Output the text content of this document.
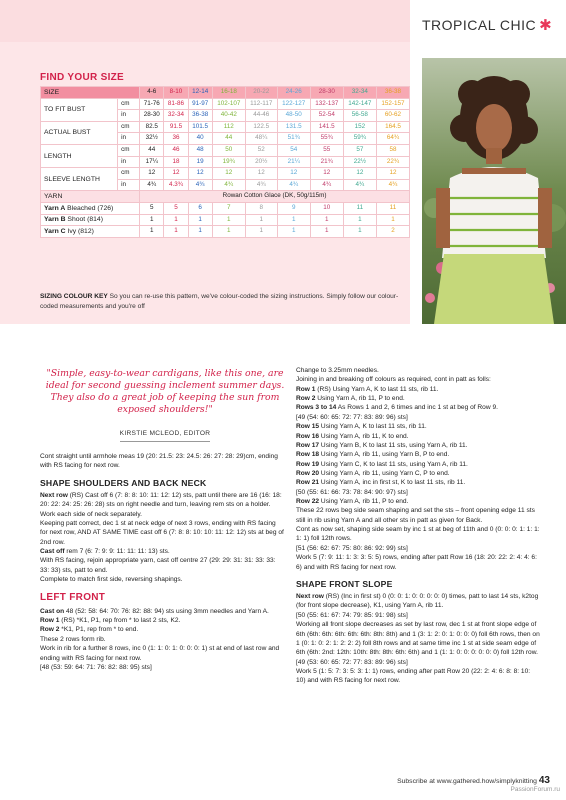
TROPICAL CHIC ✱
FIND YOUR SIZE
SIZE		4-6	8-10	12-14	16-18	20-22	24-26	28-30	32-34	36-38
TO FIT BUST	cm	71-76	81-86	91-97	102-107	112-117	122-127	132-137	142-147	152-157
	in	28-30	32-34	36-38	40-42	44-46	48-50	52-54	56-58	60-62
ACTUAL BUST	cm	82.5	91.5	101.5	112	122.5	131.5	141.5	152	164.5
	in	32½	36	40	44	48¼	51¾	55¾	59¾	64¾
LENGTH	cm	44	46	48	50	52	54	55	57	58
	in	17¼	18	19	19¾	20½	21¼	21¾	22½	22¾
SLEEVE LENGTH	cm	12	12	12	12	12	12	12	12	12
	in	4¾	4.3¾	4¾	4¾	4¾	4¾	4¾	4¾	4¾
YARN		Rowan Cotton Glace (DK, 50g/115m)								
Yarn A Bleached (726)		5	5	6	7	8	9	10	11	11
Yarn B Shoot (814)		1	1	1	1	1	1	1	1	1
Yarn C Ivy (812)		1	1	1	1	1	1	1	1	2
SIZING COLOUR KEY So you can re-use this pattern, we've colour-coded the sizing instructions. Simply follow our colour-coded measurements and you're off
"Simple, easy-to-wear cardigans, like this one, are ideal for second guessing inclement summer days. They also do a great job of keeping the sun from exposed shoulders!"
KIRSTIE MCLEOD, EDITOR

Cont straight until armhole meas 19 (20: 21.5: 23: 24.5: 26: 27: 28: 29)cm, ending with RS facing for next row.

SHAPE SHOULDERS AND BACK NECK

Next row (RS) Cast off 6 (7: 8: 8: 10: 11: 12: 12) sts, patt until there are 16 (16: 18: 20: 22: 24: 25: 26: 28) sts on right needle and turn, leaving rem sts on a holder.

Work each side of neck separately.

Keeping patt correct, dec 1 st at neck edge of next 3 rows, ending with RS facing for next row, AND AT SAME TIME cast off 6 (7: 8: 8: 10: 10: 11: 12: 12) sts at beg of 2nd row.

Cast off rem 7 (6: 7: 9: 9: 11: 11: 11: 13) sts.

With RS facing, rejoin appropriate yarn, cast off centre 27 (29: 29: 31: 31: 33: 33: 33: 33) sts, patt to end.

Complete to match first side, reversing shapings.

LEFT FRONT

Cast on 48 (52: 58: 64: 70: 76: 82: 88: 94) sts using 3mm needles and Yarn A.

Row 1 (RS) *K1, P1, rep from * to last 2 sts, K2.

Row 2 *K1, P1, rep from * to end.

These 2 rows form rib.

Work in rib for a further 8 rows, inc 0 (1: 1: 0: 1: 0: 0: 0: 1) st at end of last row and ending with RS facing for next row.

[48 (53: 59: 64: 71: 76: 82: 88: 95) sts]

Change to 3.25mm needles.

Joining in and breaking off colours as required, cont in patt as folls:

Row 1 (RS) Using Yarn A, K to last 11 sts, rib 11.

Row 2 Using Yarn A, rib 11, P to end.

Rows 3 to 14 As Rows 1 and 2, 6 times and inc 1 st at beg of Row 9.

[49 (54: 60: 65: 72: 77: 83: 89: 96) sts]

Row 15 Using Yarn A, K to last 11 sts, rib 11.

Row 16 Using Yarn A, rib 11, K to end.

Row 17 Using Yarn B, K to last 11 sts, using Yarn A, rib 11.

Row 18 Using Yarn A, rib 11, using Yarn B, P to end.

Row 19 Using Yarn C, K to last 11 sts, using Yarn A, rib 11.

Row 20 Using Yarn A, rib 11, using Yarn C, P to end.

Row 21 Using Yarn A, inc in first st, K to last 11 sts, rib 11.

[50 (55: 61: 66: 73: 78: 84: 90: 97) sts]

Row 22 Using Yarn A, rib 11, P to end.

These 22 rows beg side seam shaping and set the sts – front opening edge 11 sts still in rib using Yarn A and all other sts in patt as given for Back.

Cont as now set, shaping side seam by inc 1 st at beg of 11th and 0 (0: 0: 0: 1: 1: 1: 1: 1) foll 12th rows.

[51 (56: 62: 67: 75: 80: 86: 92: 99) sts]

Work 5 (7: 9: 11: 1: 3: 3: 5: 5) rows, ending after patt Row 16 (18: 20: 22: 2: 4: 4: 6: 6) and with RS facing for next row.

SHAPE FRONT SLOPE

Next row (RS) (Inc in first st) 0 (0: 0: 1: 0: 0: 0: 0: 0) times, patt to last 14 sts, k2tog (for front slope decrease), K1, using Yarn A, rib 11.

[50 (55: 61: 67: 74: 79: 85: 91: 98) sts]

Working all front slope decreases as set by last row, dec 1 st at front slope edge of 6th (6th: 6th: 6th: 6th: 6th: 8th: 8th) and 1 (3: 1: 2: 0: 1: 0: 0: 0) foll 6th rows, then on 1 (0: 1: 0: 2: 1: 2: 2: 2) foll 8th rows and at same time inc 1 st at side seam edge of 6th (6th: 2nd: 12th: 10th: 8th: 8th: 6th: 6th) and 1 (1: 1: 0: 0: 0: 0: 0: 0) foll 12th row.

[49 (53: 60: 65: 72: 77: 83: 89: 96) sts]

Work 5 (1: 5: 7: 3: 5: 3: 1: 1) rows, ending after patt Row 20 (22: 2: 4: 6: 8: 8: 10: 10) and with RS facing for next row.

Subscribe at www.gathered.how/simplyknitting 43
PassionForum.ru
